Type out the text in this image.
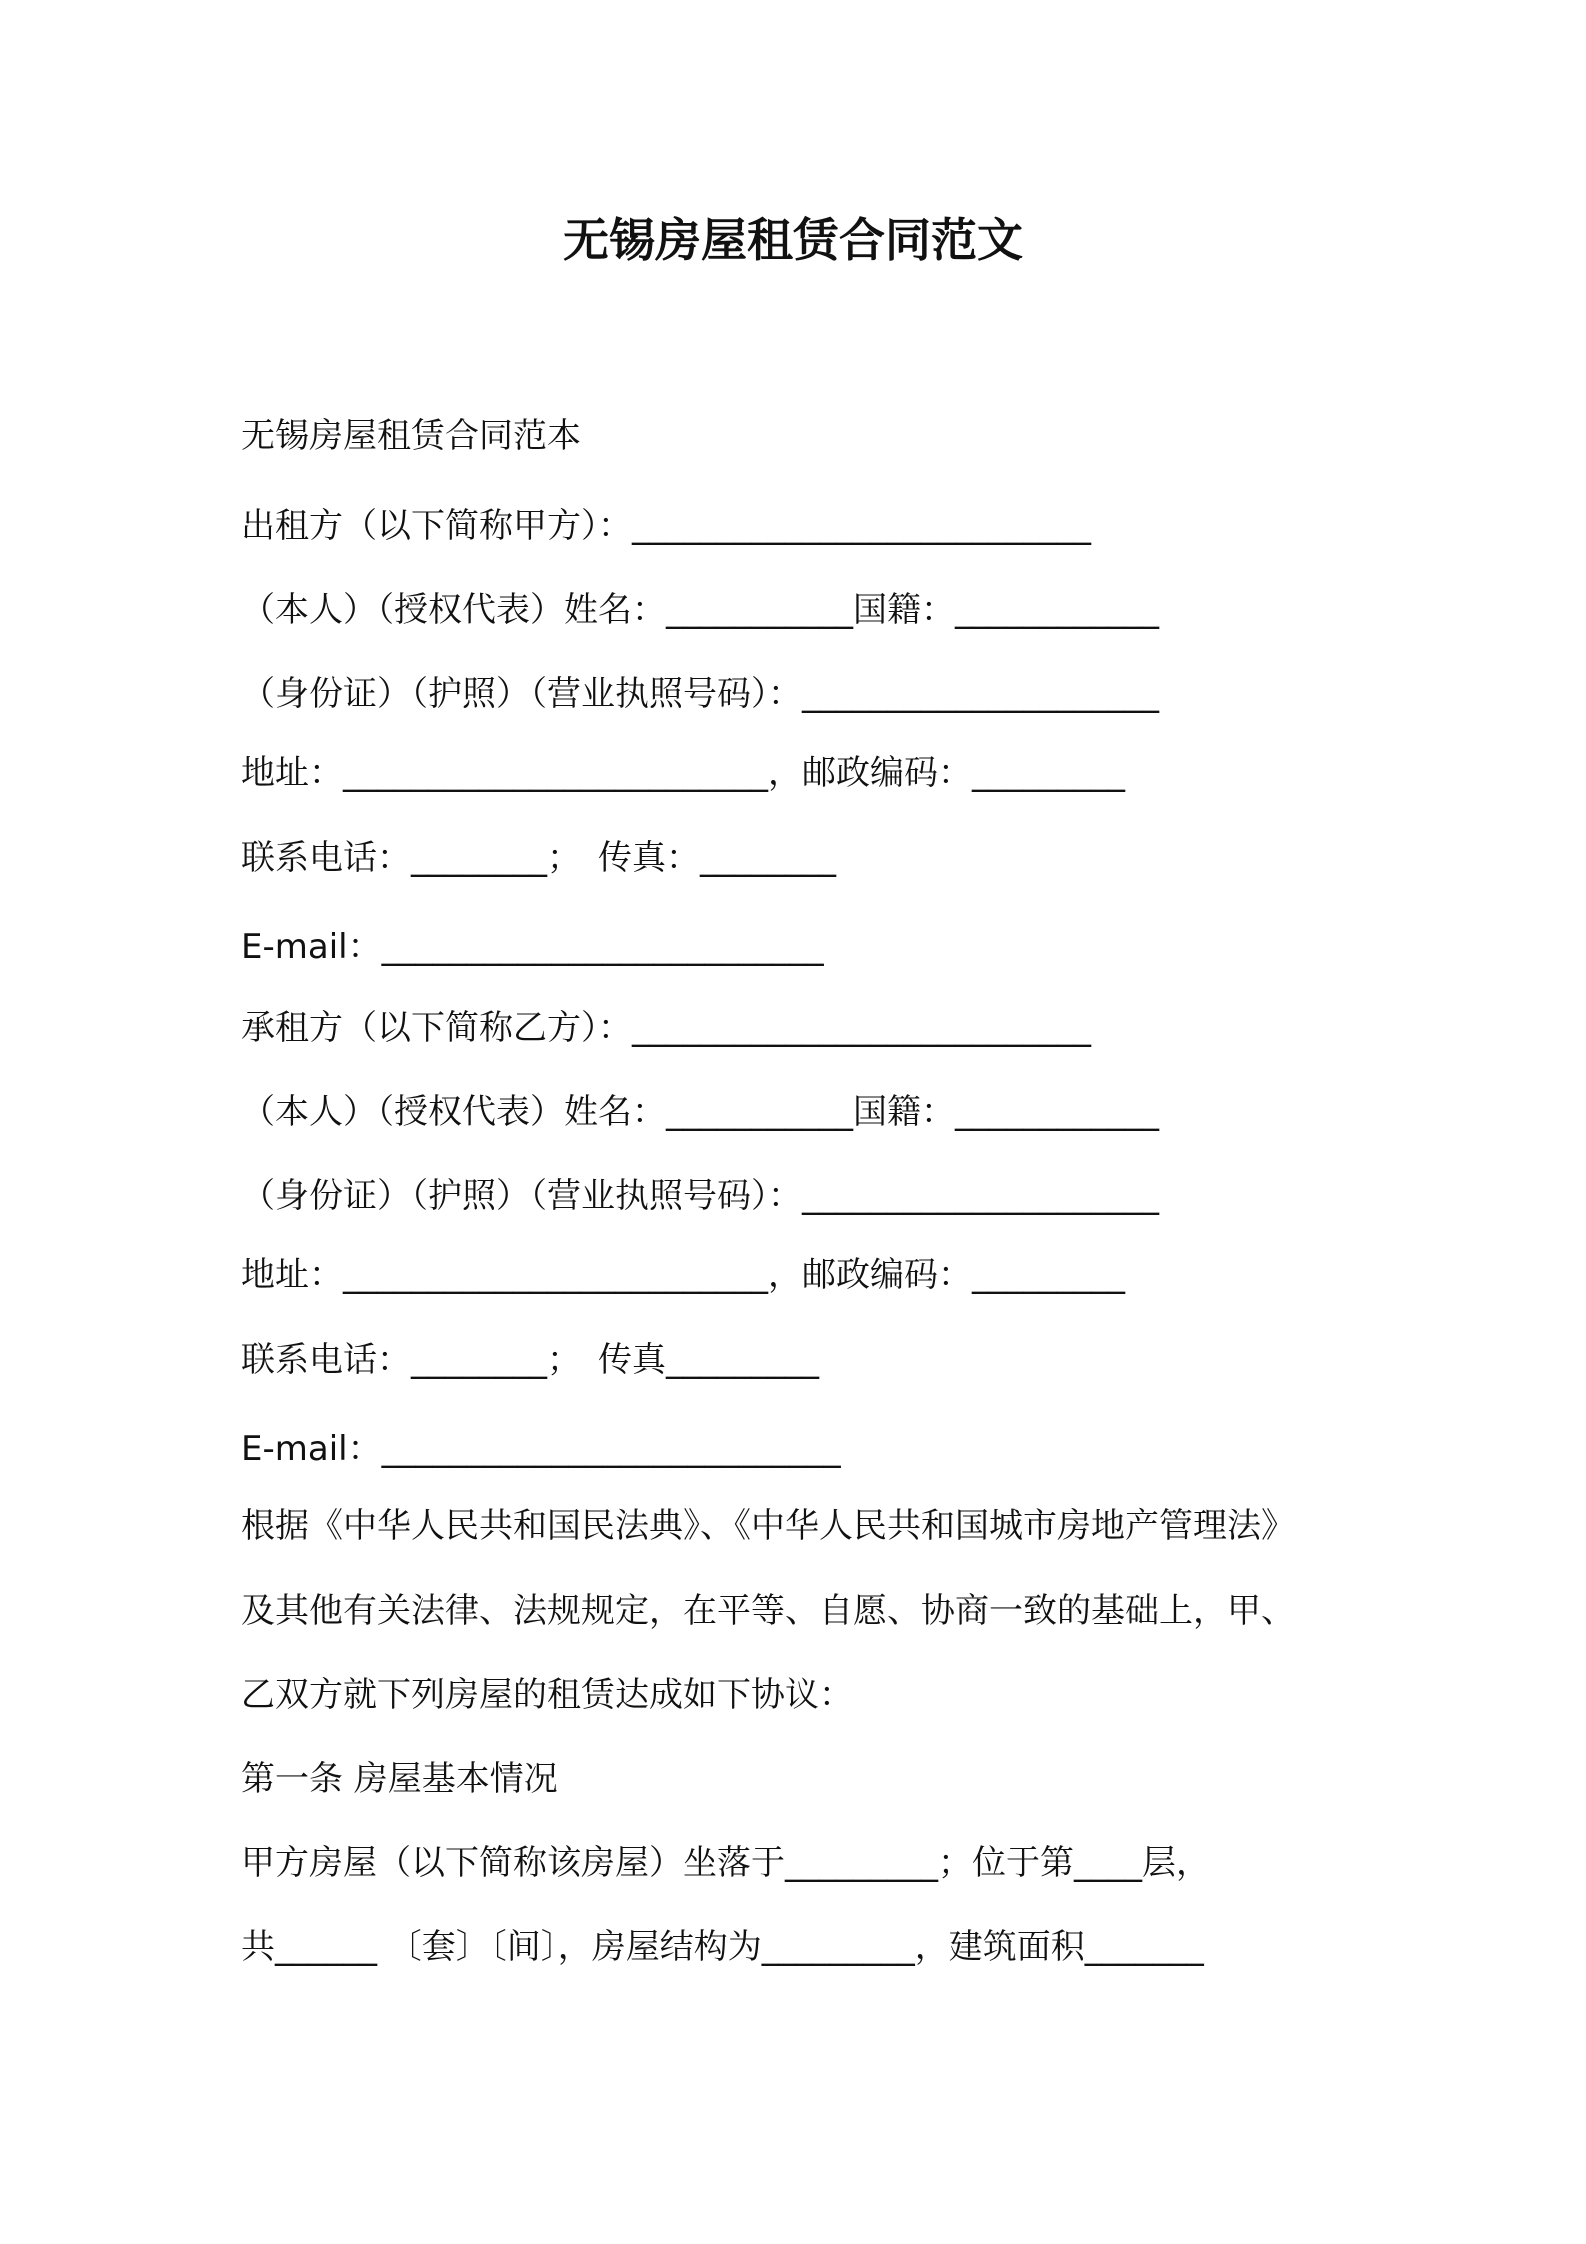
无锡房屋租赁合同范文
无锡房屋租赁合同范本
出租方（以下简称甲方）：___________________________
（本人）（授权代表）姓名：___________国籍：____________
（身份证）（护照）（营业执照号码）：_____________________
地址：_________________________，邮政编码：_________
联系电话：________；　传真：________
E-mail：__________________________
承租方（以下简称乙方）：___________________________
（本人）（授权代表）姓名：___________国籍：____________
（身份证）（护照）（营业执照号码）：_____________________
地址：_________________________，邮政编码：_________
联系电话：________；　传真_________
E-mail：___________________________
根据《中华人民共和国民法典》、《中华人民共和国城市房地产管理法》
及其他有关法律、法规规定，在平等、自愿、协商一致的基础上，甲、
乙双方就下列房屋的租赁达成如下协议：
第一条 房屋基本情况
甲方房屋（以下简称该房屋）坐落于_________；位于第____层，
共______ 〔套〕〔间〕，房屋结构为_________，建筑面积_______
